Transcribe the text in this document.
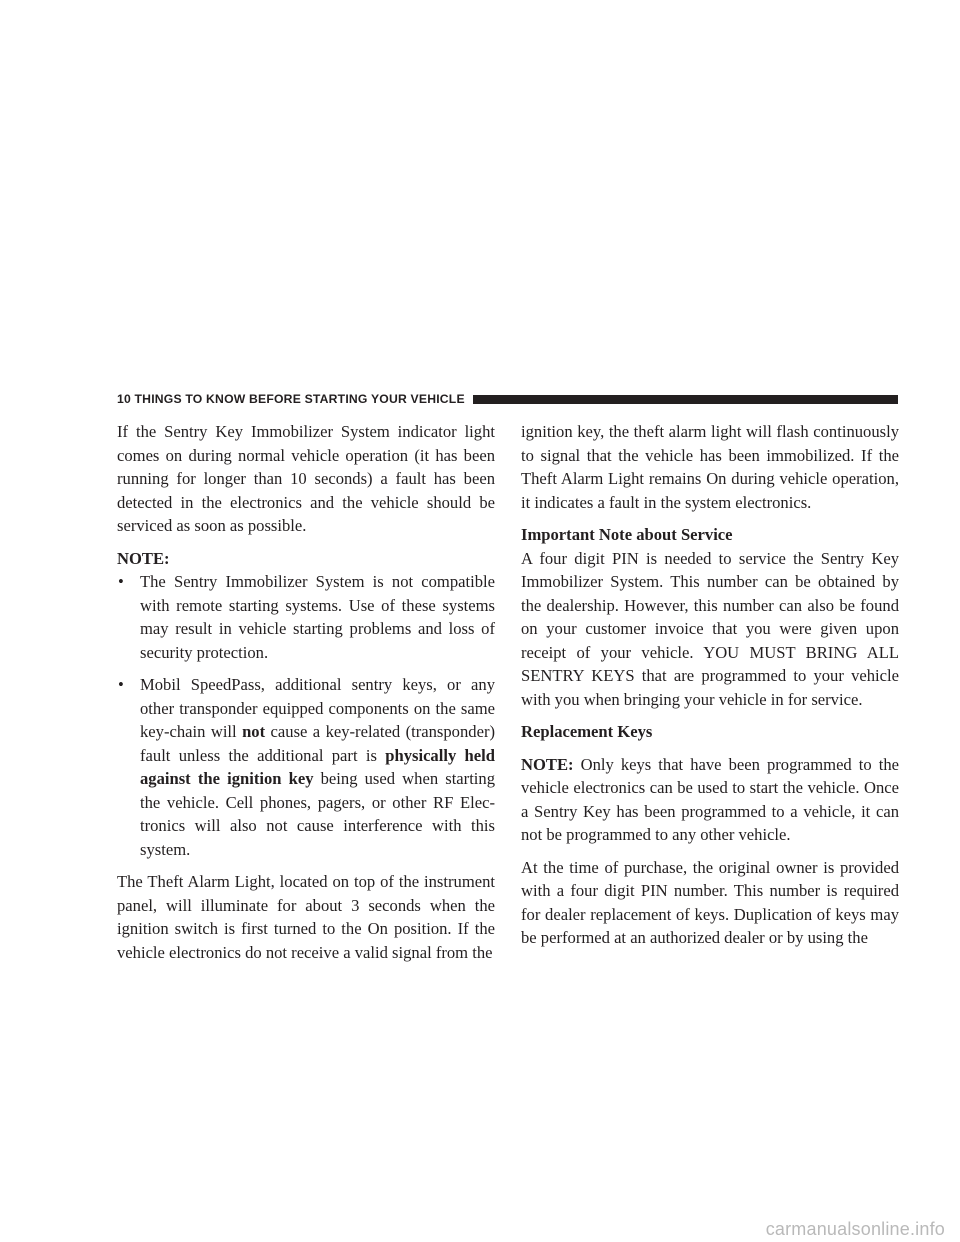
10 THINGS TO KNOW BEFORE STARTING YOUR VEHICLE

If the Sentry Key Immobilizer System indicator light comes on during normal vehicle operation (it has been running for longer than 10 seconds) a fault has been detected in the electronics and the vehicle should be serviced as soon as possible.

NOTE:

• The Sentry Immobilizer System is not compatible with remote starting systems. Use of these systems may result in vehicle starting problems and loss of security protection.
• Mobil SpeedPass, additional sentry keys, or any other transponder equipped components on the same key-chain will not cause a key-related (transponder) fault unless the additional part is physically held against the ignition key being used when starting the vehicle. Cell phones, pagers, or other RF Elec-tronics will also not cause interference with this system.

The Theft Alarm Light, located on top of the instrument panel, will illuminate for about 3 seconds when the ignition switch is first turned to the On position. If the vehicle electronics do not receive a valid signal from the

ignition key, the theft alarm light will flash continuously to signal that the vehicle has been immobilized. If the Theft Alarm Light remains On during vehicle operation, it indicates a fault in the system electronics.

Important Note about Service

A four digit PIN is needed to service the Sentry Key Immobilizer System. This number can be obtained by the dealership. However, this number can also be found on your customer invoice that you were given upon receipt of your vehicle. YOU MUST BRING ALL SENTRY KEYS that are programmed to your vehicle with you when bringing your vehicle in for service.

Replacement Keys

NOTE: Only keys that have been programmed to the vehicle electronics can be used to start the vehicle. Once a Sentry Key has been programmed to a vehicle, it can not be programmed to any other vehicle.

At the time of purchase, the original owner is provided with a four digit PIN number. This number is required for dealer replacement of keys. Duplication of keys may be performed at an authorized dealer or by using the

carmanualsonline.info
